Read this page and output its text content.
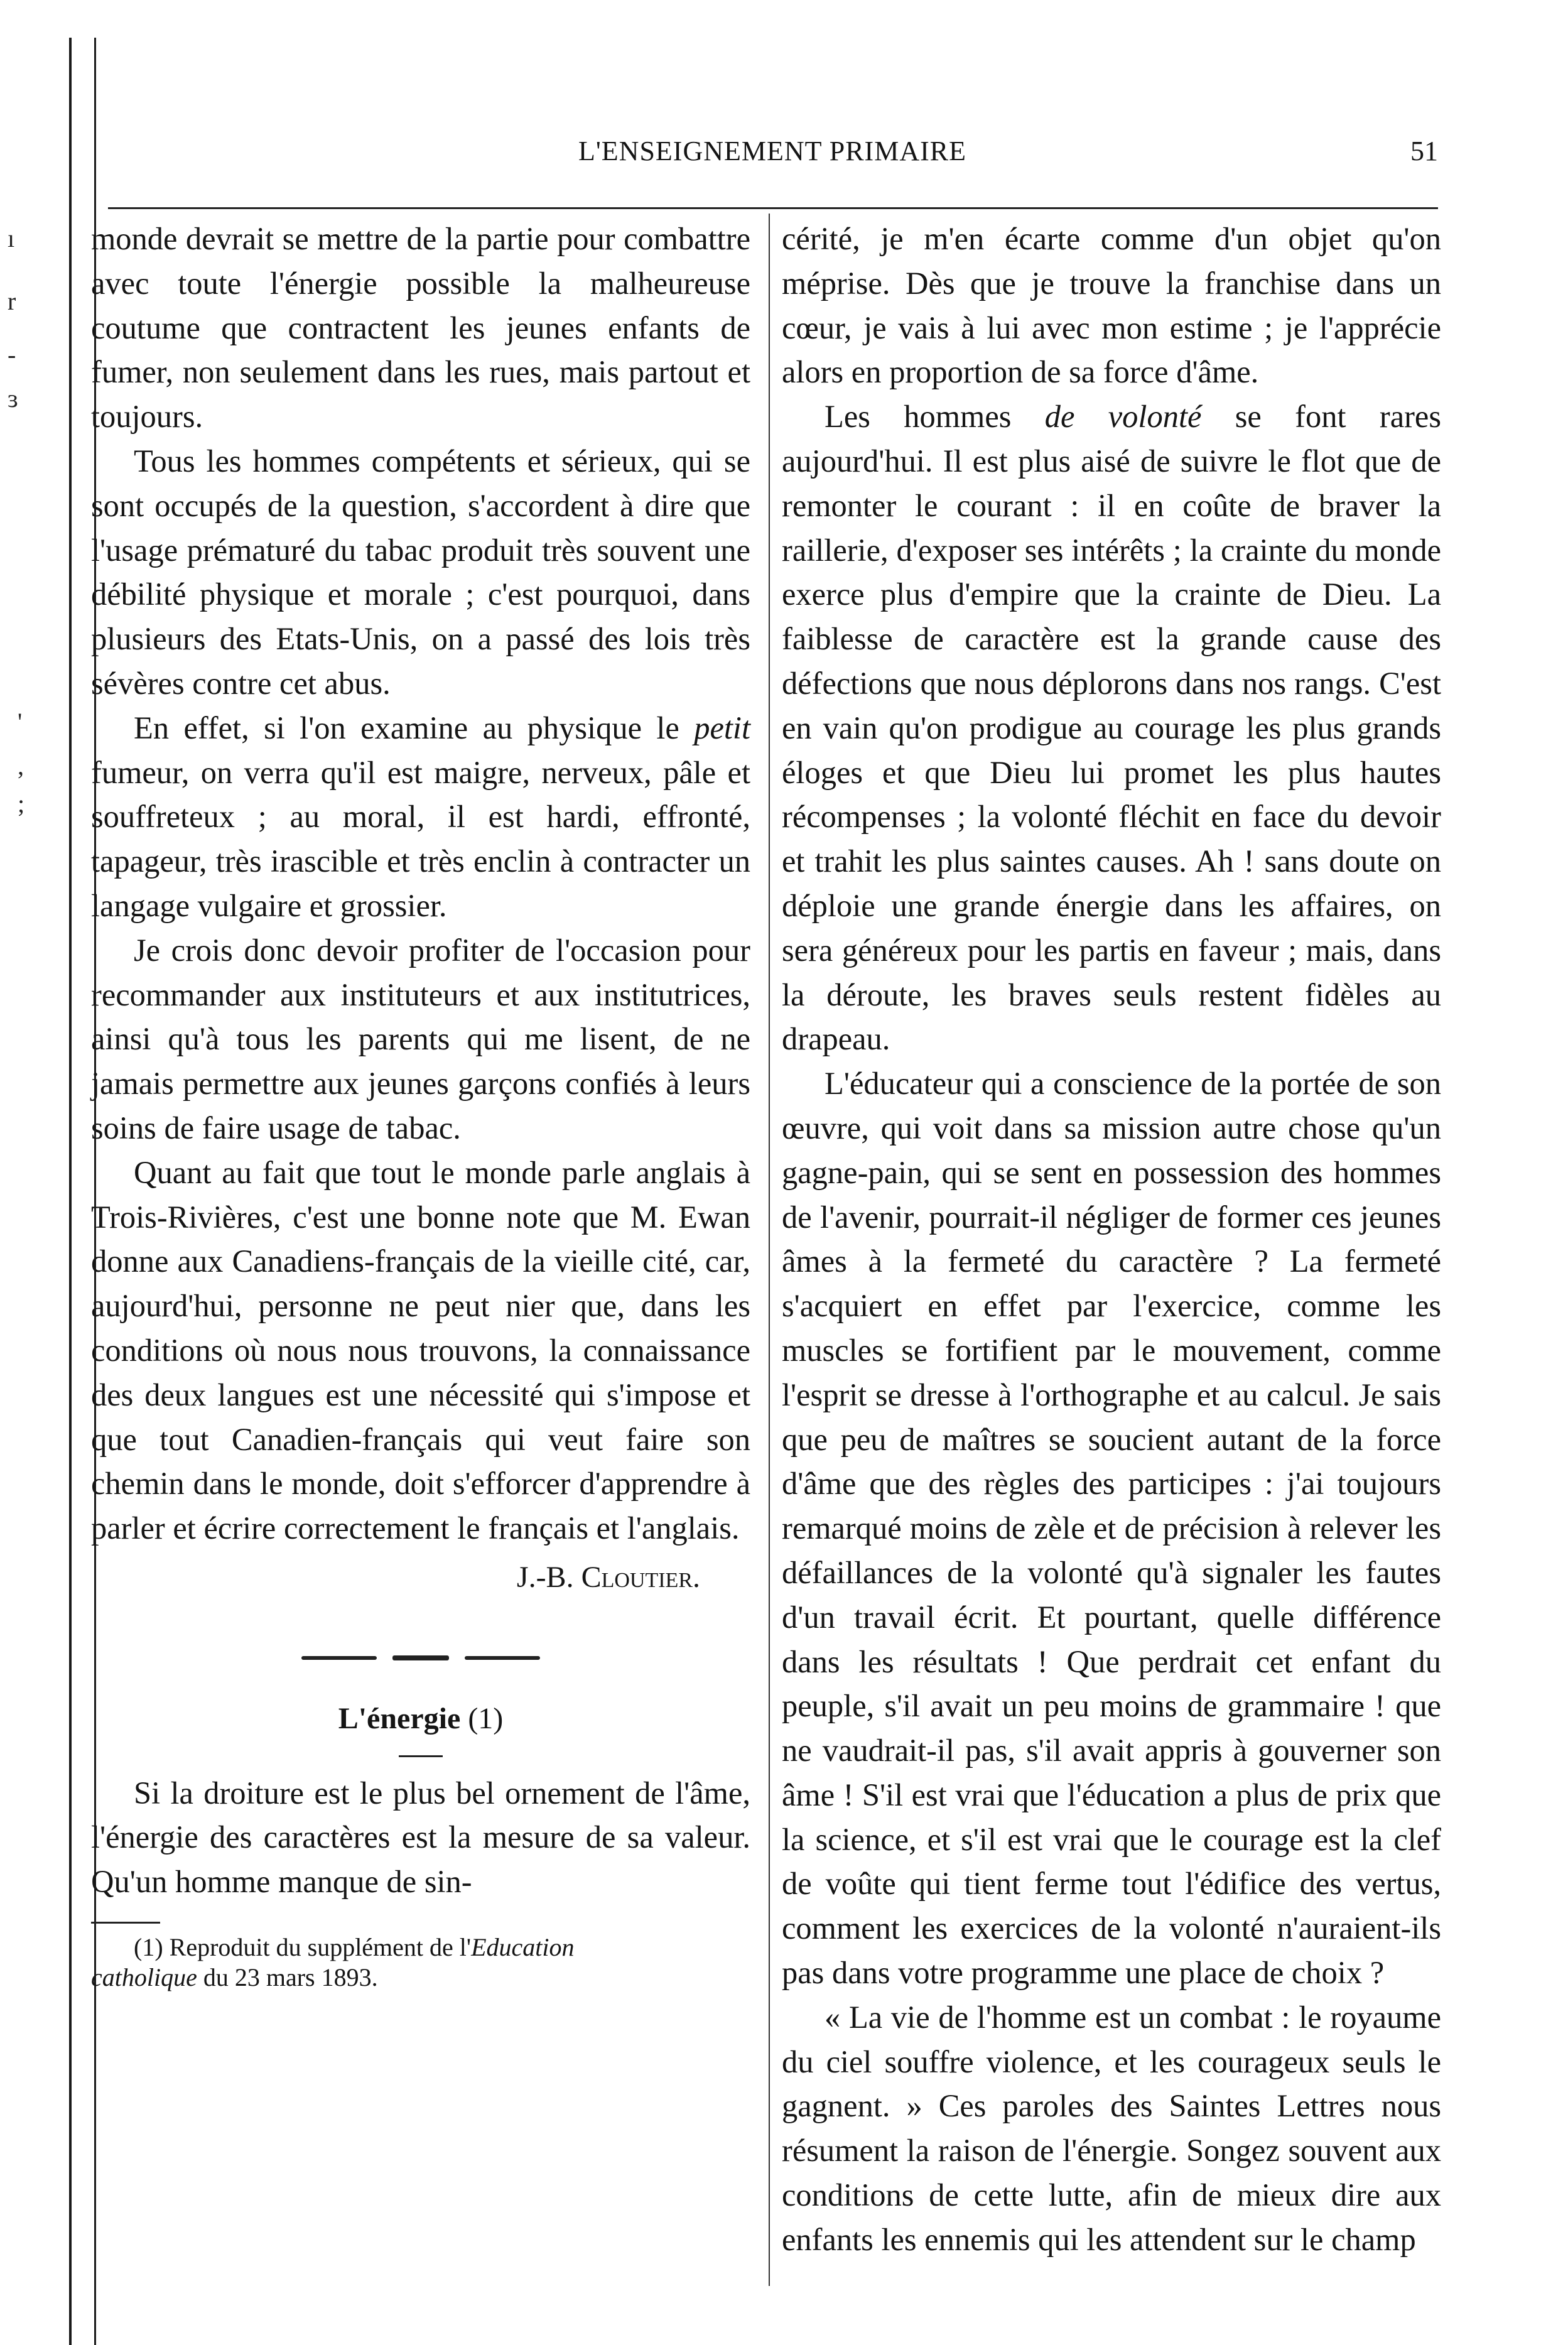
ı
r
-
ɜ
'
,
;
L'ENSEIGNEMENT PRIMAIRE	51

monde devrait se mettre de la partie pour combattre avec toute l'énergie possible la malheureuse coutume que contractent les jeunes enfants de fumer, non seulement dans les rues, mais partout et toujours.

Tous les hommes compétents et sérieux, qui se sont occupés de la question, s'accordent à dire que l'usage prématuré du tabac produit très souvent une débilité physique et morale ; c'est pourquoi, dans plusieurs des Etats-Unis, on a passé des lois très sévères contre cet abus.

En effet, si l'on examine au physique le petit fumeur, on verra qu'il est maigre, nerveux, pâle et souffreteux ; au moral, il est hardi, effronté, tapageur, très irascible et très enclin à contracter un langage vulgaire et grossier.

Je crois donc devoir profiter de l'occasion pour recommander aux instituteurs et aux institutrices, ainsi qu'à tous les parents qui me lisent, de ne jamais permettre aux jeunes garçons confiés à leurs soins de faire usage de tabac.

Quant au fait que tout le monde parle anglais à Trois-Rivières, c'est une bonne note que M. Ewan donne aux Canadiens-français de la vieille cité, car, aujourd'hui, personne ne peut nier que, dans les conditions où nous nous trouvons, la connaissance des deux langues est une nécessité qui s'impose et que tout Canadien-français qui veut faire son chemin dans le monde, doit s'efforcer d'apprendre à parler et écrire correctement le français et l'anglais.

J.-B. Cloutier.
L'énergie (1)

Si la droiture est le plus bel ornement de l'âme, l'énergie des caractères est la mesure de sa valeur. Qu'un homme manque de sin-

(1) Reproduit du supplément de l'Education
catholique du 23 mars 1893.

cérité, je m'en écarte comme d'un objet qu'on méprise. Dès que je trouve la franchise dans un cœur, je vais à lui avec mon estime ; je l'apprécie alors en proportion de sa force d'âme.

Les hommes de volonté se font rares aujourd'hui. Il est plus aisé de suivre le flot que de remonter le courant : il en coûte de braver la raillerie, d'exposer ses intérêts ; la crainte du monde exerce plus d'empire que la crainte de Dieu. La faiblesse de caractère est la grande cause des défections que nous déplorons dans nos rangs. C'est en vain qu'on prodigue au courage les plus grands éloges et que Dieu lui promet les plus hautes récompenses ; la volonté fléchit en face du devoir et trahit les plus saintes causes. Ah ! sans doute on déploie une grande énergie dans les affaires, on sera généreux pour les partis en faveur ; mais, dans la déroute, les braves seuls restent fidèles au drapeau.

L'éducateur qui a conscience de la portée de son œuvre, qui voit dans sa mission autre chose qu'un gagne-pain, qui se sent en possession des hommes de l'avenir, pourrait-il négliger de former ces jeunes âmes à la fermeté du caractère ? La fermeté s'acquiert en effet par l'exercice, comme les muscles se fortifient par le mouvement, comme l'esprit se dresse à l'orthographe et au calcul. Je sais que peu de maîtres se soucient autant de la force d'âme que des règles des participes : j'ai toujours remarqué moins de zèle et de précision à relever les défaillances de la volonté qu'à signaler les fautes d'un travail écrit. Et pourtant, quelle différence dans les résultats ! Que perdrait cet enfant du peuple, s'il avait un peu moins de grammaire ! que ne vaudrait-il pas, s'il avait appris à gouverner son âme ! S'il est vrai que l'éducation a plus de prix que la science, et s'il est vrai que le courage est la clef de voûte qui tient ferme tout l'édifice des vertus, comment les exercices de la volonté n'auraient-ils pas dans votre programme une place de choix ?

« La vie de l'homme est un combat : le royaume du ciel souffre violence, et les courageux seuls le gagnent. » Ces paroles des Saintes Lettres nous résument la raison de l'énergie. Songez souvent aux conditions de cette lutte, afin de mieux dire aux enfants les ennemis qui les attendent sur le champ
